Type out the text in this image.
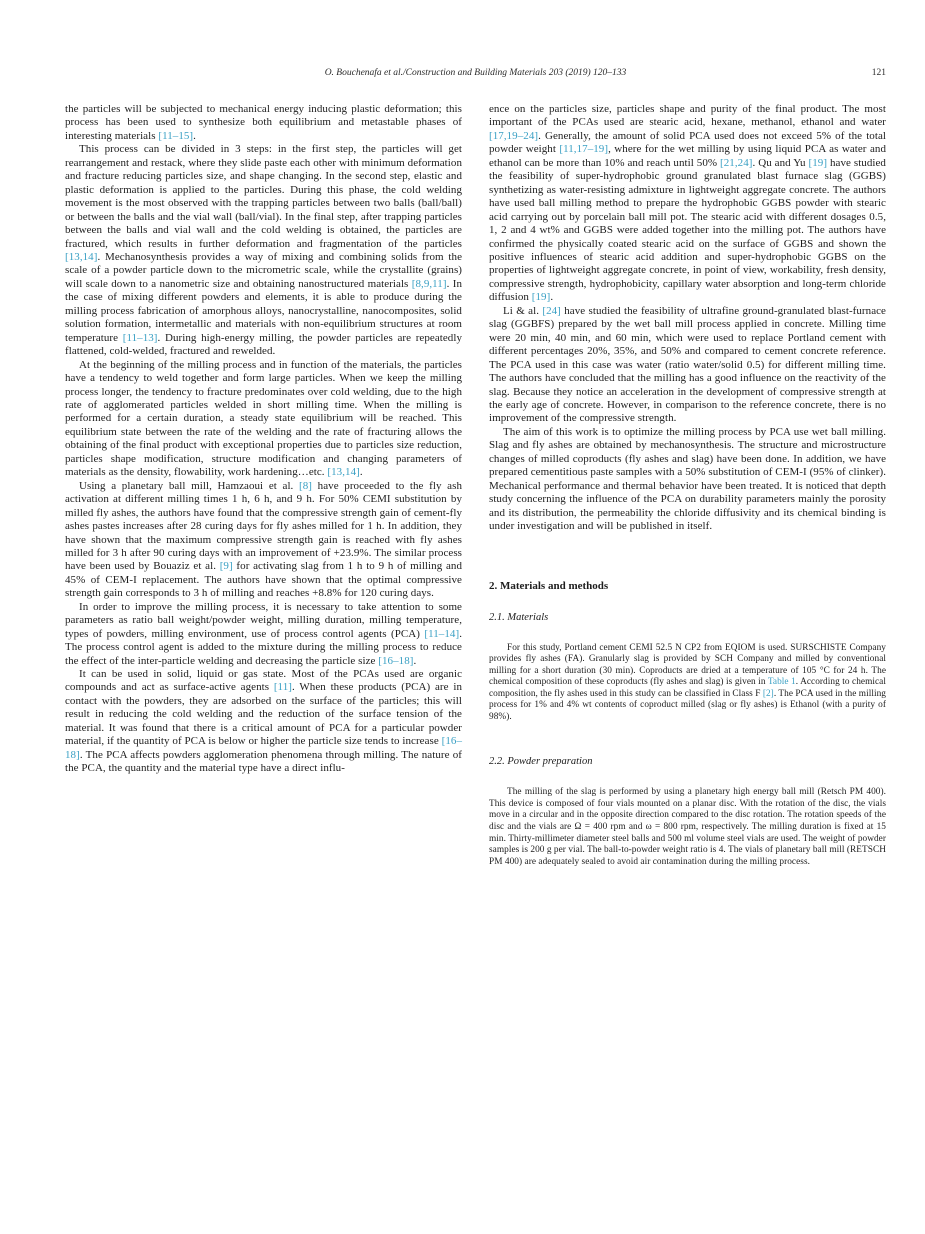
O. Bouchenafa et al./Construction and Building Materials 203 (2019) 120–133	121

the particles will be subjected to mechanical energy inducing plastic deformation; this process has been used to synthesize both equilibrium and metastable phases of interesting materials [11–15].

This process can be divided in 3 steps: in the first step, the particles will get rearrangement and restack, where they slide paste each other with minimum deformation and fracture reducing particles size, and shape changing. In the second step, elastic and plastic deformation is applied to the particles. During this phase, the cold welding movement is the most observed with the trapping particles between two balls (ball/ball) or between the balls and the vial wall (ball/vial). In the final step, after trapping particles between the balls and vial wall and the cold welding is obtained, the particles are fractured, which results in further deformation and fragmentation of the particles [13,14]. Mechanosynthesis provides a way of mixing and combining solids from the scale of a powder particle down to the micrometric scale, while the crystallite (grains) will scale down to a nanometric size and obtaining nanostructured materials [8,9,11]. In the case of mixing different powders and elements, it is able to produce during the milling process fabrication of amorphous alloys, nanocrystalline, nanocomposites, solid solution formation, intermetallic and materials with non-equilibrium structures at room temperature [11–13]. During high-energy milling, the powder particles are repeatedly flattened, cold-welded, fractured and rewelded.

At the beginning of the milling process and in function of the materials, the particles have a tendency to weld together and form large particles. When we keep the milling process longer, the tendency to fracture predominates over cold welding, due to the high rate of agglomerated particles welded in short milling time. When the milling is performed for a certain duration, a steady state equilibrium will be reached. This equilibrium state between the rate of the welding and the rate of fracturing allows the obtaining of the final product with exceptional properties due to particles size reduction, particles shape modification, structure modification and changing parameters of materials as the density, flowability, work hardening…etc. [13,14].

Using a planetary ball mill, Hamzaoui et al. [8] have proceeded to the fly ash activation at different milling times 1 h, 6 h, and 9 h. For 50% CEMI substitution by milled fly ashes, the authors have found that the compressive strength gain of cement-fly ashes pastes increases after 28 curing days for fly ashes milled for 1 h. In addition, they have shown that the maximum compressive strength gain is reached with fly ashes milled for 3 h after 90 curing days with an improvement of +23.9%. The similar process have been used by Bouaziz et al. [9] for activating slag from 1 h to 9 h of milling and 45% of CEM-I replacement. The authors have shown that the optimal compressive strength gain corresponds to 3 h of milling and reaches +8.8% for 120 curing days.

In order to improve the milling process, it is necessary to take attention to some parameters as ratio ball weight/powder weight, milling duration, milling temperature, types of powders, milling environment, use of process control agents (PCA) [11–14]. The process control agent is added to the mixture during the milling process to reduce the effect of the inter-particle welding and decreasing the particle size [16–18].

It can be used in solid, liquid or gas state. Most of the PCAs used are organic compounds and act as surface-active agents [11]. When these products (PCA) are in contact with the powders, they are adsorbed on the surface of the particles; this will result in reducing the cold welding and the reduction of the surface tension of the material. It was found that there is a critical amount of PCA for a particular powder material, if the quantity of PCA is below or higher the particle size tends to increase [16–18]. The PCA affects powders agglomeration phenomena through milling. The nature of the PCA, the quantity and the material type have a direct influ-

ence on the particles size, particles shape and purity of the final product. The most important of the PCAs used are stearic acid, hexane, methanol, ethanol and water [17,19–24]. Generally, the amount of solid PCA used does not exceed 5% of the total powder weight [11,17–19], where for the wet milling by using liquid PCA as water and ethanol can be more than 10% and reach until 50% [21,24]. Qu and Yu [19] have studied the feasibility of super-hydrophobic ground granulated blast furnace slag (GGBS) synthetizing as water-resisting admixture in lightweight aggregate concrete. The authors have used ball milling method to prepare the hydrophobic GGBS powder with stearic acid carrying out by porcelain ball mill pot. The stearic acid with different dosages 0.5, 1, 2 and 4 wt% and GGBS were added together into the milling pot. The authors have confirmed the physically coated stearic acid on the surface of GGBS and shown the positive influences of stearic acid addition and super-hydrophobic GGBS on the properties of lightweight aggregate concrete, in point of view, workability, fresh density, compressive strength, hydrophobicity, capillary water absorption and long-term chloride diffusion [19].

Li & al. [24] have studied the feasibility of ultrafine ground-granulated blast-furnace slag (GGBFS) prepared by the wet ball mill process applied in concrete. Milling time were 20 min, 40 min, and 60 min, which were used to replace Portland cement with different percentages 20%, 35%, and 50% and compared to cement concrete reference. The PCA used in this case was water (ratio water/solid 0.5) for different milling time. The authors have concluded that the milling has a good influence on the reactivity of the slag. Because they notice an acceleration in the development of compressive strength at the early age of concrete. However, in comparison to the reference concrete, there is no improvement of the compressive strength.

The aim of this work is to optimize the milling process by PCA use wet ball milling. Slag and fly ashes are obtained by mechanosynthesis. The structure and microstructure changes of milled coproducts (fly ashes and slag) have been done. In addition, we have prepared cementitious paste samples with a 50% substitution of CEM-I (95% of clinker). Mechanical performance and thermal behavior have been treated. It is noticed that depth study concerning the influence of the PCA on durability parameters mainly the porosity and its distribution, the permeability the chloride diffusivity and its chemical binding is under investigation and will be published in itself.

2. Materials and methods
2.1. Materials

For this study, Portland cement CEMI 52.5 N CP2 from EQIOM is used. SURSCHISTE Company provides fly ashes (FA). Granularly slag is provided by SCH Company and milled by conventional milling for a short duration (30 min). Coproducts are dried at a temperature of 105 °C for 24 h. The chemical composition of these coproducts (fly ashes and slag) is given in Table 1. According to chemical composition, the fly ashes used in this study can be classified in Class F [2]. The PCA used in the milling process for 1% and 4% wt contents of coproduct milled (slag or fly ashes) is Ethanol (with a purity of 98%).

2.2. Powder preparation

The milling of the slag is performed by using a planetary high energy ball mill (Retsch PM 400). This device is composed of four vials mounted on a planar disc. With the rotation of the disc, the vials move in a circular and in the opposite direction compared to the disc rotation. The rotation speeds of the disc and the vials are Ω = 400 rpm and ω = 800 rpm, respectively. The milling duration is fixed at 15 min. Thirty-millimeter diameter steel balls and 500 ml volume steel vials are used. The weight of powder samples is 200 g per vial. The ball-to-powder weight ratio is 4. The vials of planetary ball mill (RETSCH PM 400) are adequately sealed to avoid air contamination during the milling process.
